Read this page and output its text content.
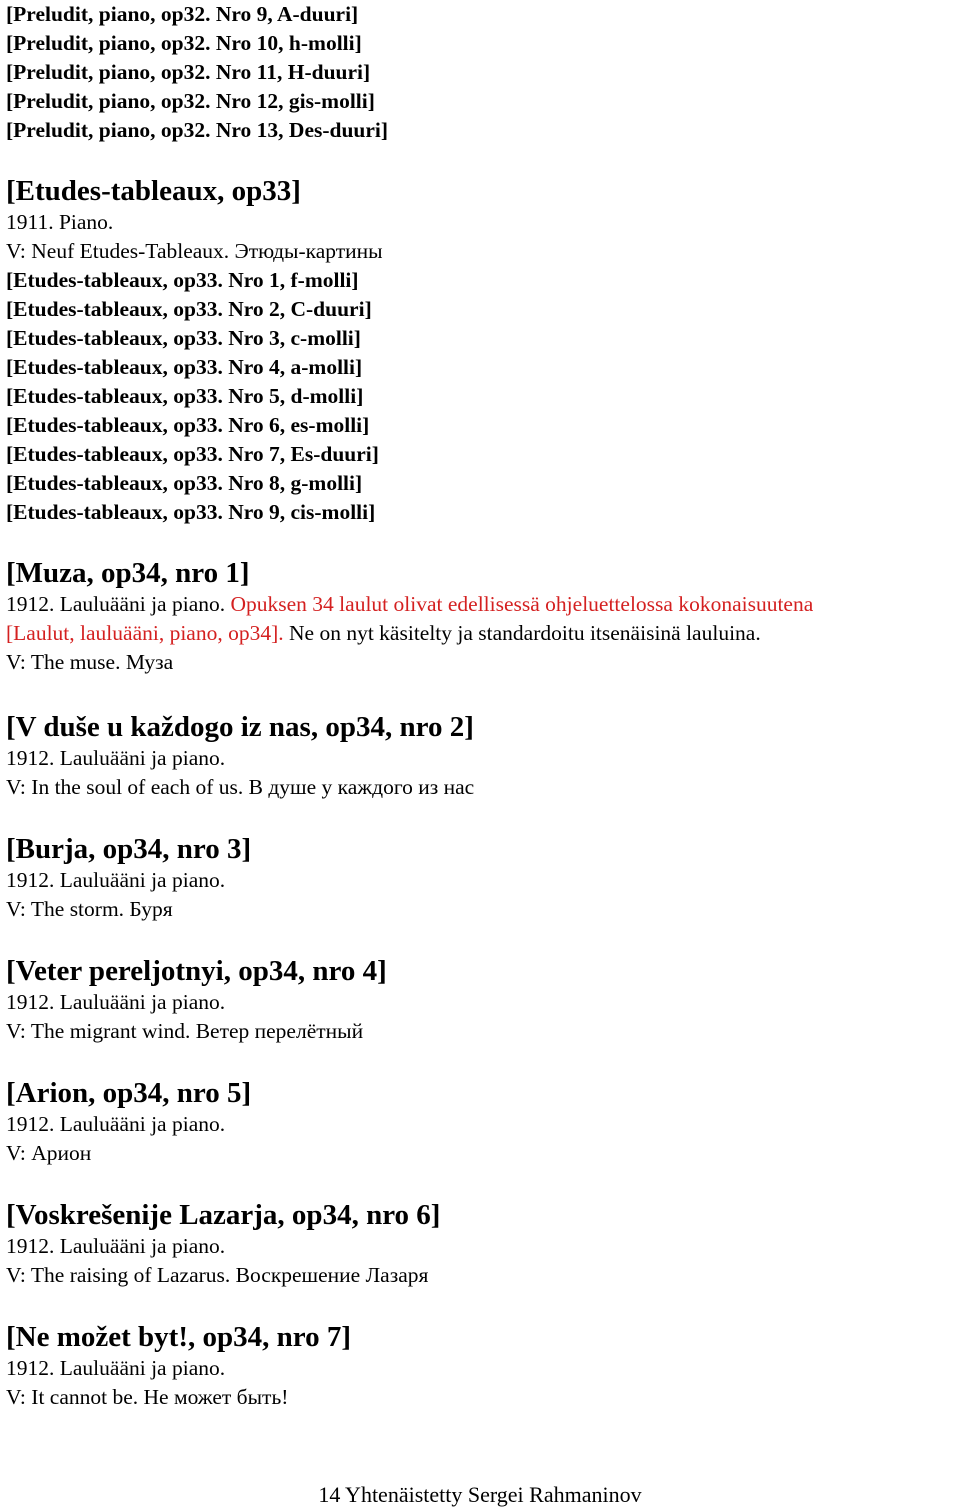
[Preludit, piano, op32. Nro 9, A-duuri]
[Preludit, piano, op32. Nro 10, h-molli]
[Preludit, piano, op32. Nro 11, H-duuri]
[Preludit, piano, op32. Nro 12, gis-molli]
[Preludit, piano, op32. Nro 13, Des-duuri]
[Etudes-tableaux, op33]
1911. Piano.
V: Neuf Etudes-Tableaux. Этюды-картины
[Etudes-tableaux, op33. Nro 1, f-molli]
[Etudes-tableaux, op33. Nro 2, C-duuri]
[Etudes-tableaux, op33. Nro 3, c-molli]
[Etudes-tableaux, op33. Nro 4, a-molli]
[Etudes-tableaux, op33. Nro 5, d-molli]
[Etudes-tableaux, op33. Nro 6, es-molli]
[Etudes-tableaux, op33. Nro 7, Es-duuri]
[Etudes-tableaux, op33. Nro 8, g-molli]
[Etudes-tableaux, op33. Nro 9, cis-molli]
[Muza, op34, nro 1]
1912. Lauluääni ja piano. Opuksen 34 laulut olivat edellisessä ohjeluettelossa kokonaisuutena
[Laulut, lauluääni, piano, op34]. Ne on nyt käsitelty ja standardoitu itsenäisinä lauluina.
V: The muse. Муза
[V duše u každogo iz nas, op34, nro 2]
1912. Lauluääni ja piano.
V: In the soul of each of us. В душе у каждого из нас
[Burja, op34, nro 3]
1912. Lauluääni ja piano.
V: The storm. Буря
[Veter pereljotnyi, op34, nro 4]
1912. Lauluääni ja piano.
V: The migrant wind. Ветер перелётный
[Arion, op34, nro 5]
1912. Lauluääni ja piano.
V: Арион
[Voskrešenije Lazarja, op34, nro 6]
1912. Lauluääni ja piano.
V: The raising of Lazarus. Воскрешение Лазаря
[Ne možet byt!, op34, nro 7]
1912. Lauluääni ja piano.
V: It cannot be. Не может быть!
14 Yhtenäistetty Sergei Rahmaninov
